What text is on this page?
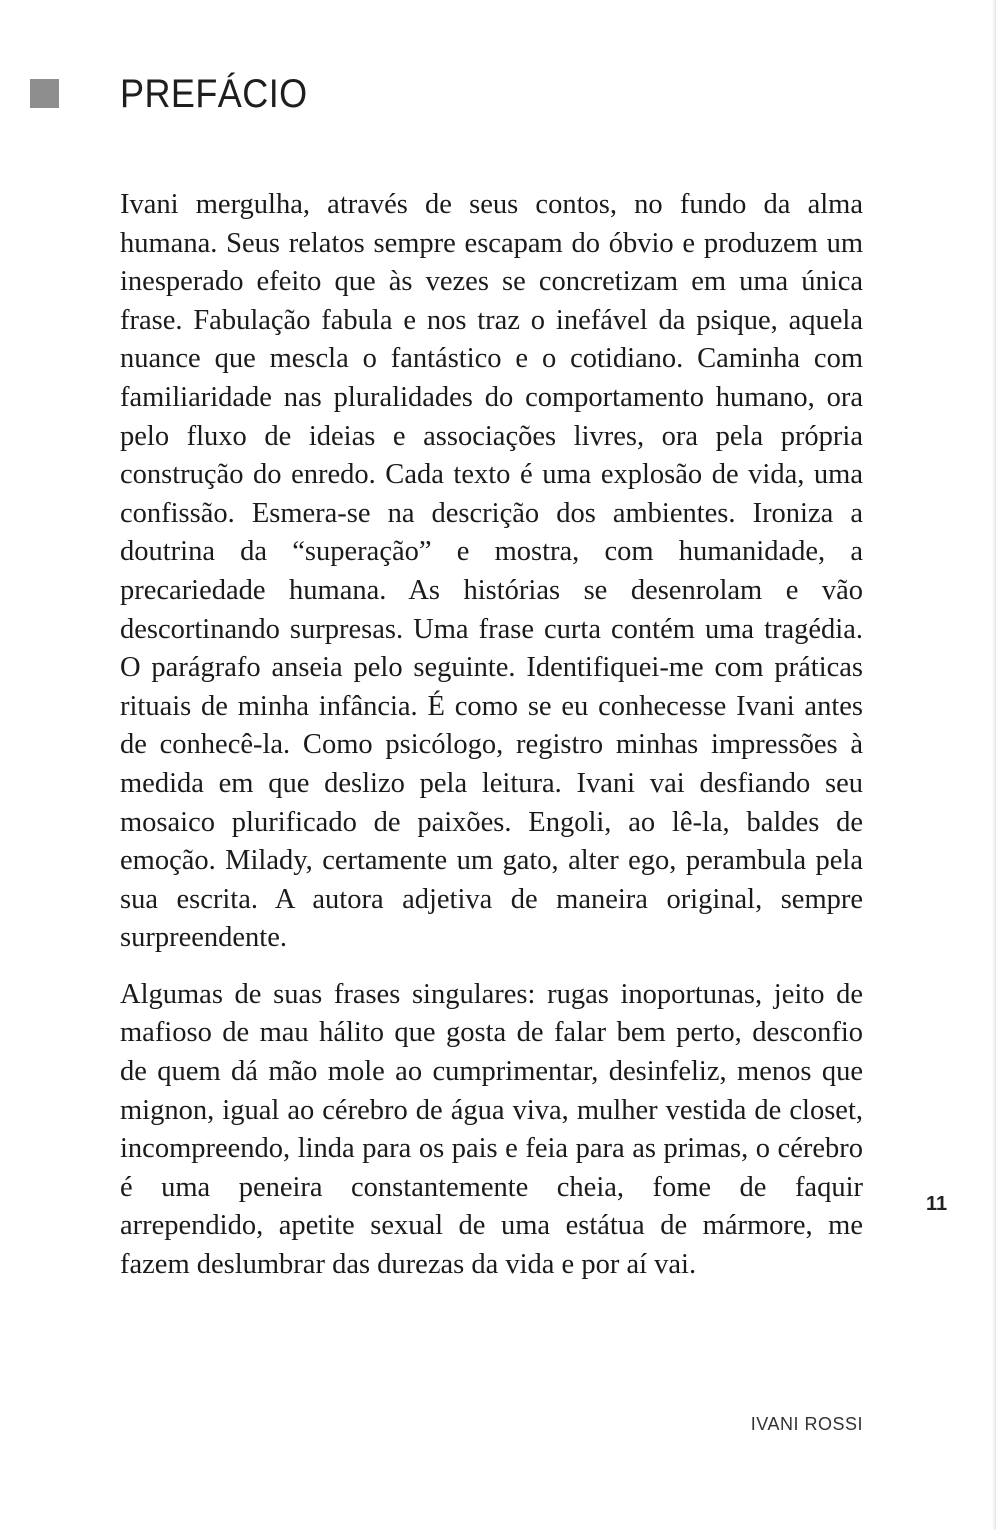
PREFÁCIO

Ivani mergulha, através de seus contos, no fundo da alma humana. Seus relatos sempre escapam do óbvio e produzem um inesperado efeito que às vezes se concretizam em uma única frase. Fabulação fabula e nos traz o inefável da psique, aquela nuance que mescla o fantástico e o cotidiano. Caminha com familiaridade nas pluralidades do comportamento humano, ora pelo fluxo de ideias e associações livres, ora pela própria construção do enredo. Cada texto é uma explosão de vida, uma confissão. Esmera-se na descrição dos ambientes. Ironiza a doutrina da “superação” e mostra, com humanidade, a precariedade humana. As histórias se desenrolam e vão descortinando surpresas. Uma frase curta contém uma tragédia. O parágrafo anseia pelo seguinte. Identifiquei-me com práticas rituais de minha infância. É como se eu conhecesse Ivani antes de conhecê-la. Como psicólogo, registro minhas impressões à medida em que deslizo pela leitura. Ivani vai desfiando seu mosaico plurificado de paixões. Engoli, ao lê-la, baldes de emoção. Milady, certamente um gato, alter ego, perambula pela sua escrita. A autora adjetiva de maneira original, sempre surpreendente.

Algumas de suas frases singulares: rugas inoportunas, jeito de mafioso de mau hálito que gosta de falar bem perto, desconfio de quem dá mão mole ao cumprimentar, desinfeliz, menos que mignon, igual ao cérebro de água viva, mulher vestida de closet, incompreendo, linda para os pais e feia para as primas, o cérebro é uma peneira constantemente cheia, fome de faquir arrependido, apetite sexual de uma estátua de mármore, me fazem deslumbrar das durezas da vida e por aí vai.

11
IVANI ROSSI
